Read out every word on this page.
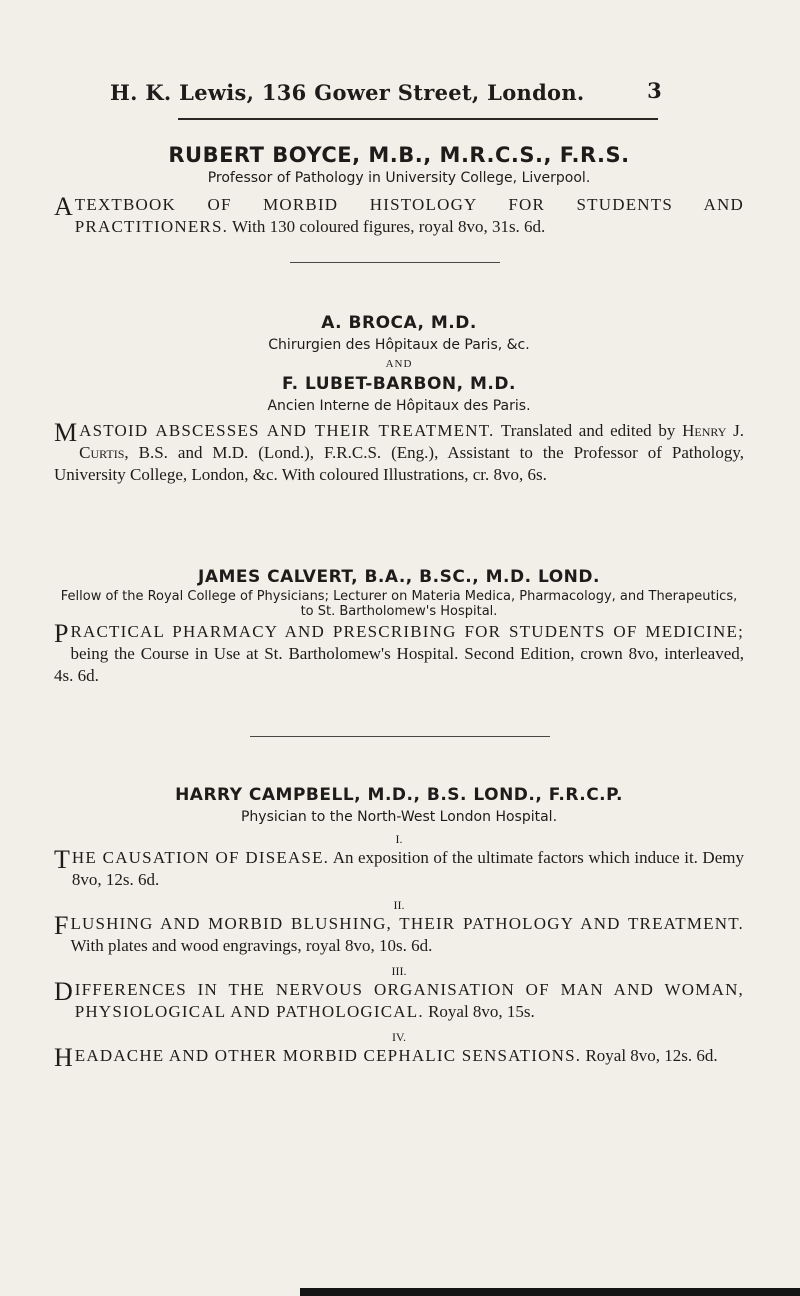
H. K. Lewis, 136 Gower Street, London.	3
RUBERT BOYCE, M.B., M.R.C.S., F.R.S.
Professor of Pathology in University College, Liverpool.
A TEXTBOOK OF MORBID HISTOLOGY FOR STUDENTS AND PRACTITIONERS. With 130 coloured figures, royal 8vo, 31s. 6d.
A. BROCA, M.D.
Chirurgien des Hôpitaux de Paris, &c.
AND
F. LUBET-BARBON, M.D.
Ancien Interne de Hôpitaux des Paris.
M ASTOID ABSCESSES AND THEIR TREATMENT. Translated and edited by Henry J. Curtis, B.S. and M.D. (Lond.), F.R.C.S. (Eng.), Assistant to the Professor of Pathology, University College, London, &c. With coloured Illustrations, cr. 8vo, 6s.
JAMES CALVERT, B.A., B.SC., M.D. LOND.
Fellow of the Royal College of Physicians; Lecturer on Materia Medica, Pharmacology, and Therapeutics, to St. Bartholomew's Hospital.
P RACTICAL PHARMACY AND PRESCRIBING FOR STUDENTS OF MEDICINE; being the Course in Use at St. Bartholomew's Hospital. Second Edition, crown 8vo, interleaved, 4s. 6d.
HARRY CAMPBELL, M.D., B.S. LOND., F.R.C.P.
Physician to the North-West London Hospital.
I.
T HE CAUSATION OF DISEASE. An exposition of the ultimate factors which induce it. Demy 8vo, 12s. 6d.
II.
F LUSHING AND MORBID BLUSHING, THEIR PATHOLOGY AND TREATMENT. With plates and wood engravings, royal 8vo, 10s. 6d.
III.
D IFFERENCES IN THE NERVOUS ORGANISATION OF MAN AND WOMAN, PHYSIOLOGICAL AND PATHOLOGICAL. Royal 8vo, 15s.
IV.
H EADACHE AND OTHER MORBID CEPHALIC SENSATIONS. Royal 8vo, 12s. 6d.
